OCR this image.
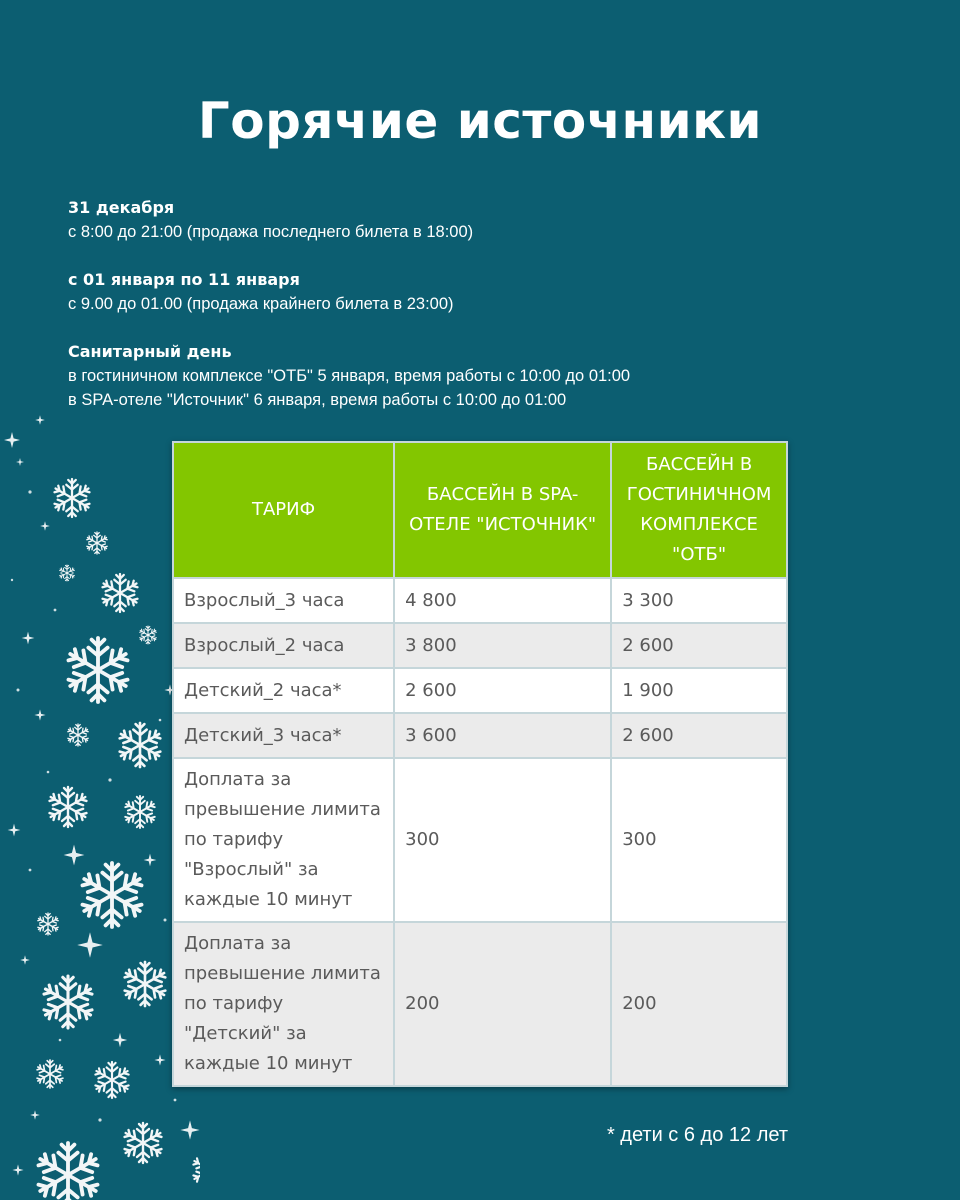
Горячие источники
31 декабря
с 8:00 до 21:00 (продажа последнего билета в 18:00)
с 01 января по 11 января
с 9.00 до 01.00 (продажа крайнего билета в 23:00)
Санитарный день
в гостиничном комплексе "ОТБ" 5 января, время работы с 10:00 до 01:00
в SPA-отеле "Источник" 6 января, время работы с 10:00 до 01:00
ТАРИФ	БАССЕЙН В SPA-ОТЕЛЕ "ИСТОЧНИК"	БАССЕЙН В ГОСТИНИЧНОМ КОМПЛЕКСЕ "ОТБ"
Взрослый_3 часа	4 800	3 300
Взрослый_2 часа	3 800	2 600
Детский_2 часа*	2 600	1 900
Детский_3 часа*	3 600	2 600
Доплата за превышение лимита по тарифу "Взрослый" за каждые 10 минут	300	300
Доплата за превышение лимита по тарифу "Детский" за каждые 10 минут	200	200
* дети с 6 до 12 лет
